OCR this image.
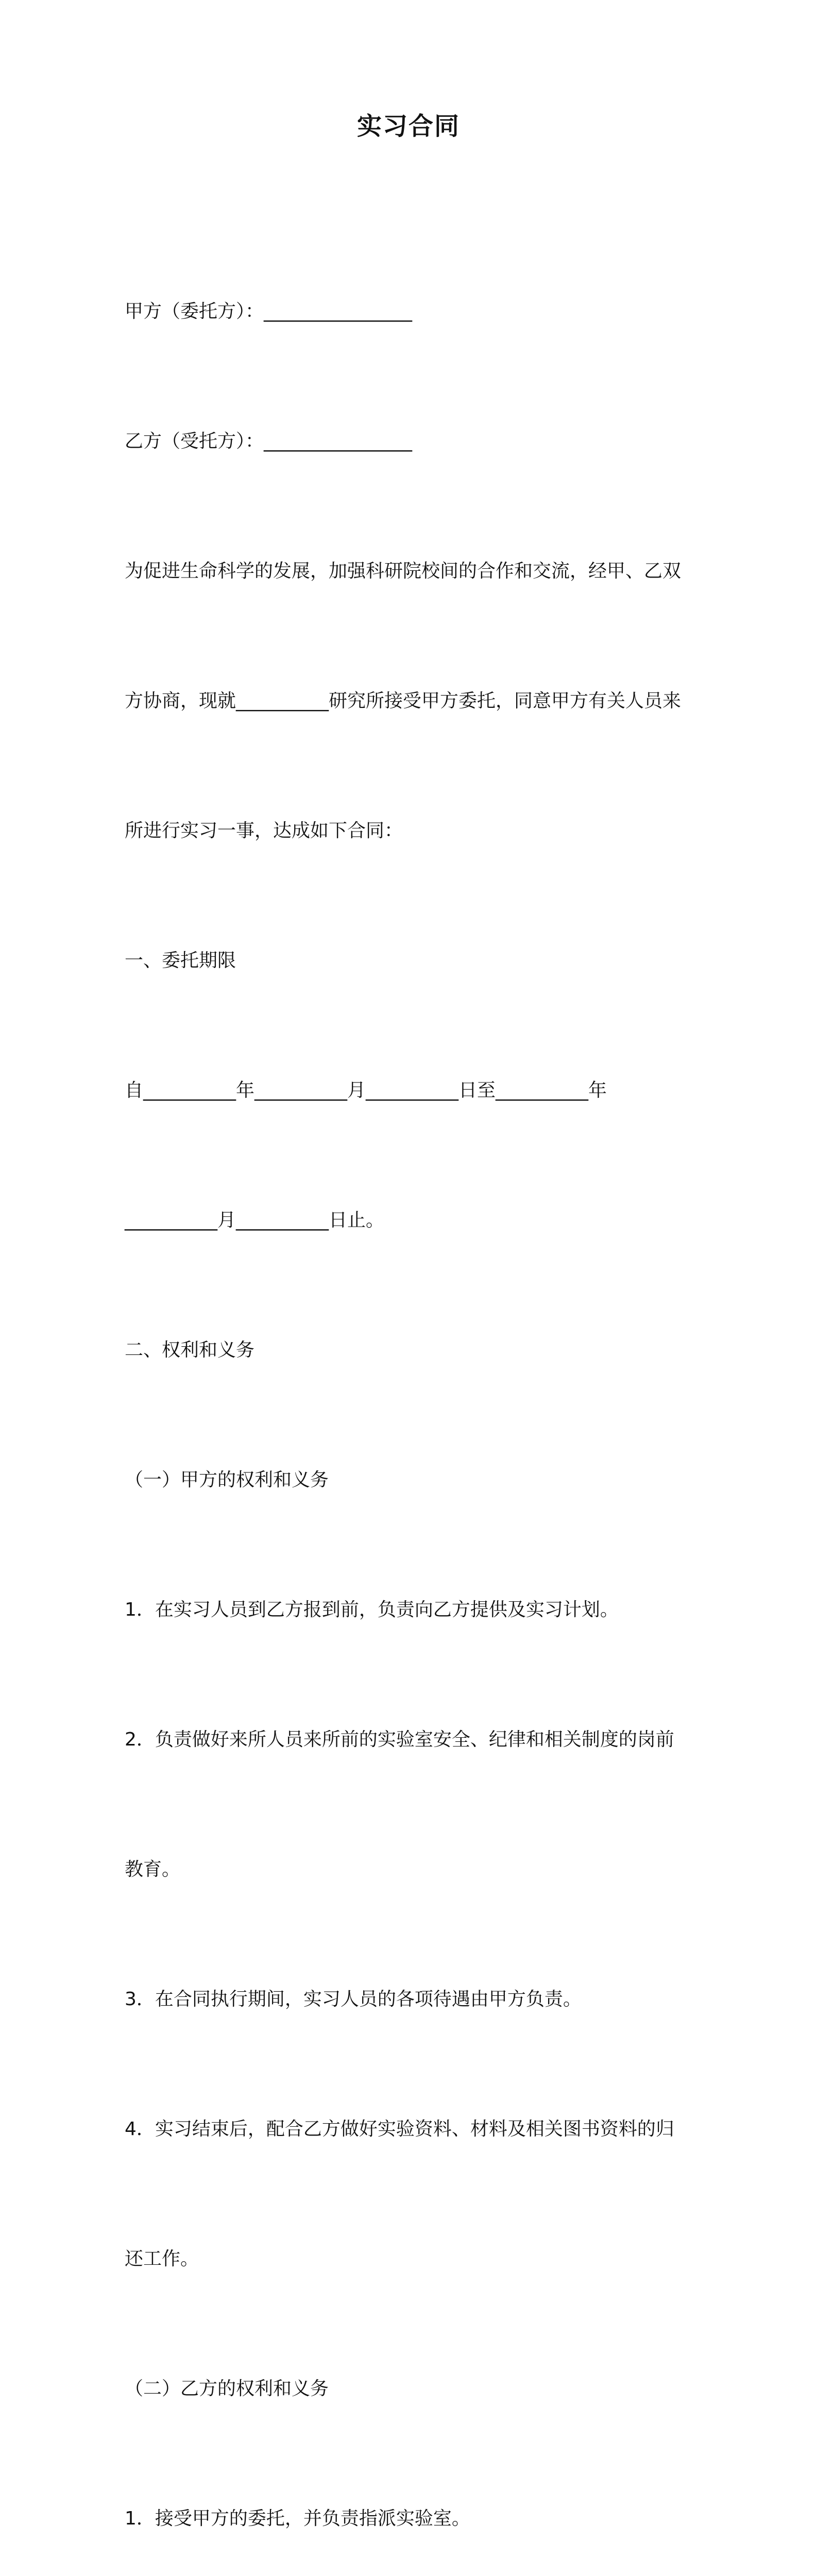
实习合同

甲方（委托方）：________________

乙方（受托方）：________________

为促进生命科学的发展，加强科研院校间的合作和交流，经甲、乙双

方协商，现就__________研究所接受甲方委托，同意甲方有关人员来

所进行实习一事，达成如下合同：

一、委托期限

自__________年__________月__________日至__________年

__________月__________日止。

二、权利和义务

（一）甲方的权利和义务

1．在实习人员到乙方报到前，负责向乙方提供及实习计划。

2．负责做好来所人员来所前的实验室安全、纪律和相关制度的岗前

教育。

3．在合同执行期间，实习人员的各项待遇由甲方负责。

4．实习结束后，配合乙方做好实验资料、材料及相关图书资料的归

还工作。

（二）乙方的权利和义务

1．接受甲方的委托，并负责指派实验室。
